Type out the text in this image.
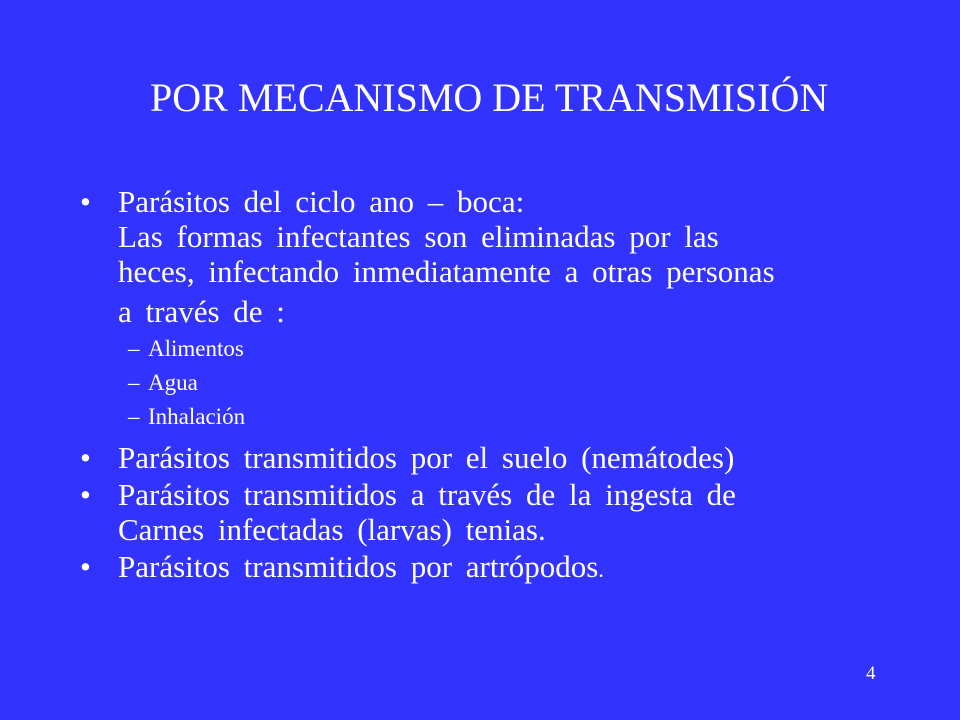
POR MECANISMO DE TRANSMISIÓN
• Parásitos del ciclo ano – boca:
Las formas infectantes son eliminadas por las
heces, infectando inmediatamente a otras personas
a través de :
– Alimentos
– Agua
– Inhalación
• Parásitos transmitidos por el suelo (nemátodes)
• Parásitos transmitidos a través de la ingesta de
Carnes infectadas (larvas) tenias.
• Parásitos transmitidos por artrópodos.
4
